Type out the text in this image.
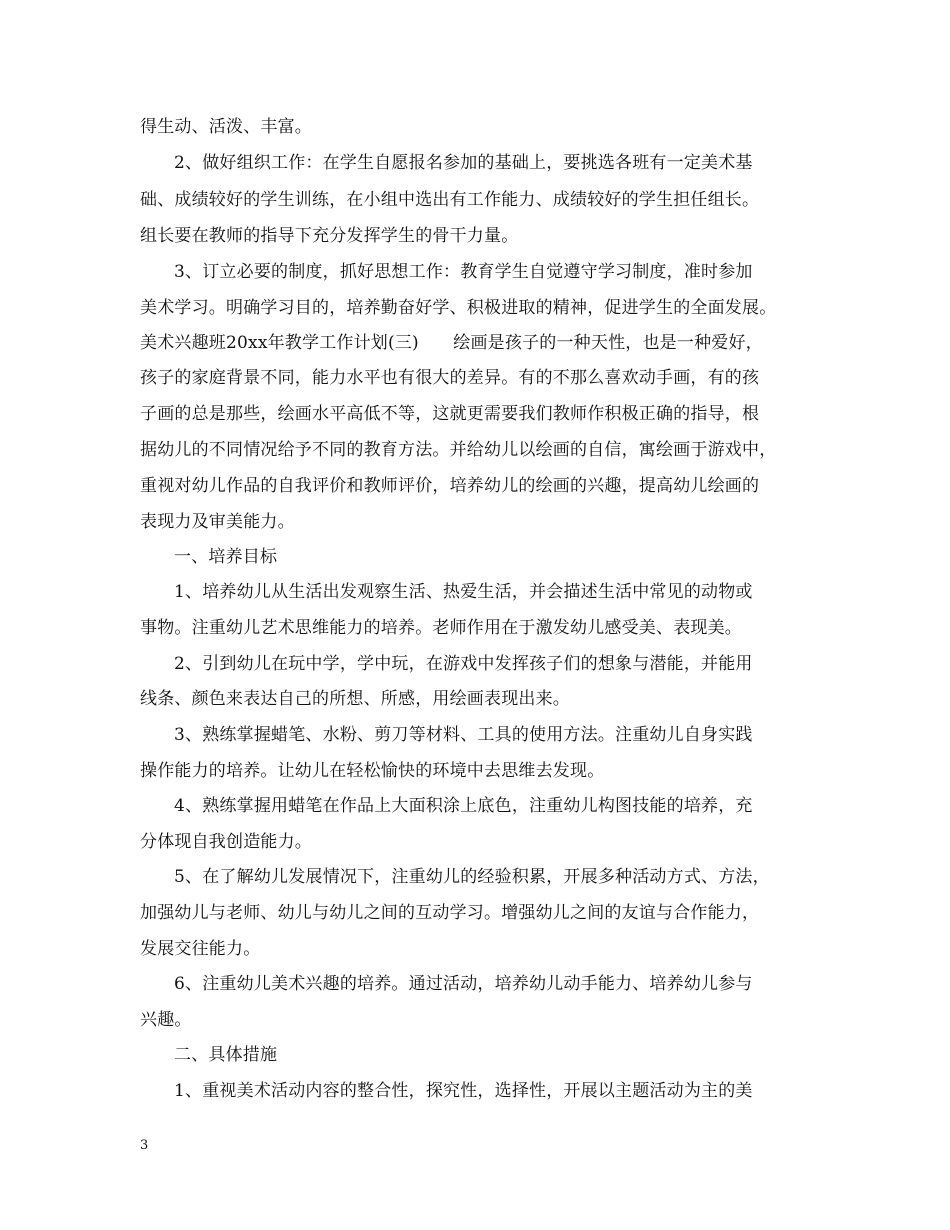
得生动、活泼、丰富。
2、做好组织工作：在学生自愿报名参加的基础上，要挑选各班有一定美术基
础、成绩较好的学生训练，在小组中选出有工作能力、成绩较好的学生担任组长。
组长要在教师的指导下充分发挥学生的骨干力量。
3、订立必要的制度，抓好思想工作：教育学生自觉遵守学习制度，准时参加
美术学习。明确学习目的，培养勤奋好学、积极进取的精神，促进学生的全面发展。
美术兴趣班20xx年教学工作计划(三)　　绘画是孩子的一种天性，也是一种爱好，
孩子的家庭背景不同，能力水平也有很大的差异。有的不那么喜欢动手画，有的孩
子画的总是那些，绘画水平高低不等，这就更需要我们教师作积极正确的指导，根
据幼儿的不同情况给予不同的教育方法。并给幼儿以绘画的自信，寓绘画于游戏中，
重视对幼儿作品的自我评价和教师评价，培养幼儿的绘画的兴趣，提高幼儿绘画的
表现力及审美能力。
一、培养目标
1、培养幼儿从生活出发观察生活、热爱生活，并会描述生活中常见的动物或
事物。注重幼儿艺术思维能力的培养。老师作用在于激发幼儿感受美、表现美。
2、引到幼儿在玩中学，学中玩，在游戏中发挥孩子们的想象与潜能，并能用
线条、颜色来表达自己的所想、所感，用绘画表现出来。
3、熟练掌握蜡笔、水粉、剪刀等材料、工具的使用方法。注重幼儿自身实践
操作能力的培养。让幼儿在轻松愉快的环境中去思维去发现。
4、熟练掌握用蜡笔在作品上大面积涂上底色，注重幼儿构图技能的培养，充
分体现自我创造能力。
5、在了解幼儿发展情况下，注重幼儿的经验积累，开展多种活动方式、方法，
加强幼儿与老师、幼儿与幼儿之间的互动学习。增强幼儿之间的友谊与合作能力，
发展交往能力。
6、注重幼儿美术兴趣的培养。通过活动，培养幼儿动手能力、培养幼儿参与
兴趣。
二、具体措施
1、重视美术活动内容的整合性，探究性，选择性，开展以主题活动为主的美
3
